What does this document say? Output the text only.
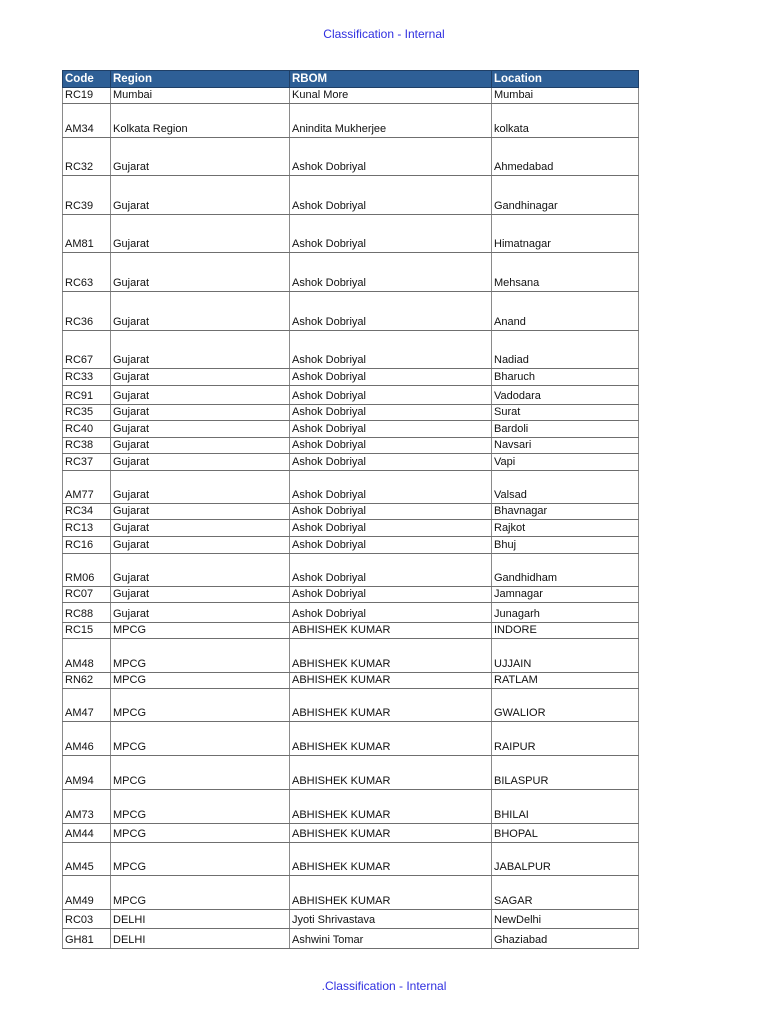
Classification - Internal
Code	Region	RBOM	Location
RC19	Mumbai	Kunal More	Mumbai
AM34	Kolkata Region	Anindita Mukherjee	kolkata
RC32	Gujarat	Ashok Dobriyal	Ahmedabad
RC39	Gujarat	Ashok Dobriyal	Gandhinagar
AM81	Gujarat	Ashok Dobriyal	Himatnagar
RC63	Gujarat	Ashok Dobriyal	Mehsana
RC36	Gujarat	Ashok Dobriyal	Anand
RC67	Gujarat	Ashok Dobriyal	Nadiad
RC33	Gujarat	Ashok Dobriyal	Bharuch
RC91	Gujarat	Ashok Dobriyal	Vadodara
RC35	Gujarat	Ashok Dobriyal	Surat
RC40	Gujarat	Ashok Dobriyal	Bardoli
RC38	Gujarat	Ashok Dobriyal	Navsari
RC37	Gujarat	Ashok Dobriyal	Vapi
AM77	Gujarat	Ashok Dobriyal	Valsad
RC34	Gujarat	Ashok Dobriyal	Bhavnagar
RC13	Gujarat	Ashok Dobriyal	Rajkot
RC16	Gujarat	Ashok Dobriyal	Bhuj
RM06	Gujarat	Ashok Dobriyal	Gandhidham
RC07	Gujarat	Ashok Dobriyal	Jamnagar
RC88	Gujarat	Ashok Dobriyal	Junagarh
RC15	MPCG	ABHISHEK KUMAR	INDORE
AM48	MPCG	ABHISHEK KUMAR	UJJAIN
RN62	MPCG	ABHISHEK KUMAR	RATLAM
AM47	MPCG	ABHISHEK KUMAR	GWALIOR
AM46	MPCG	ABHISHEK KUMAR	RAIPUR
AM94	MPCG	ABHISHEK KUMAR	BILASPUR
AM73	MPCG	ABHISHEK KUMAR	BHILAI
AM44	MPCG	ABHISHEK KUMAR	BHOPAL
AM45	MPCG	ABHISHEK KUMAR	JABALPUR
AM49	MPCG	ABHISHEK KUMAR	SAGAR
RC03	DELHI	Jyoti Shrivastava	NewDelhi
GH81	DELHI	Ashwini Tomar	Ghaziabad
.Classification - Internal
